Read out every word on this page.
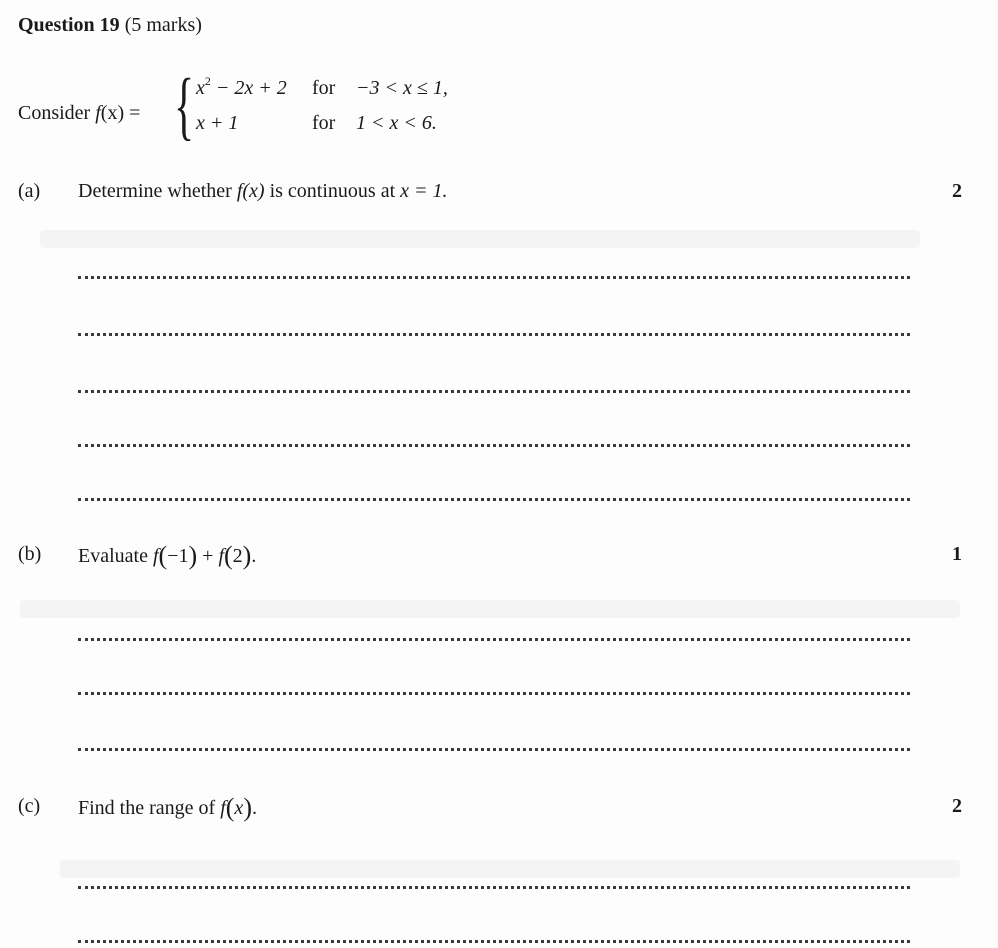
Question 19 (5 marks)
Consider f(x) = { $x^2 - 2x + 2$ for −3 < x ≤ 1,
x + 1	for 1 < x < 6.
(a) Determine whether f(x) is continuous at x = 1.	2
(b) Evaluate f(−1) + f(2).	1
(c) Find the range of f(x).	2
